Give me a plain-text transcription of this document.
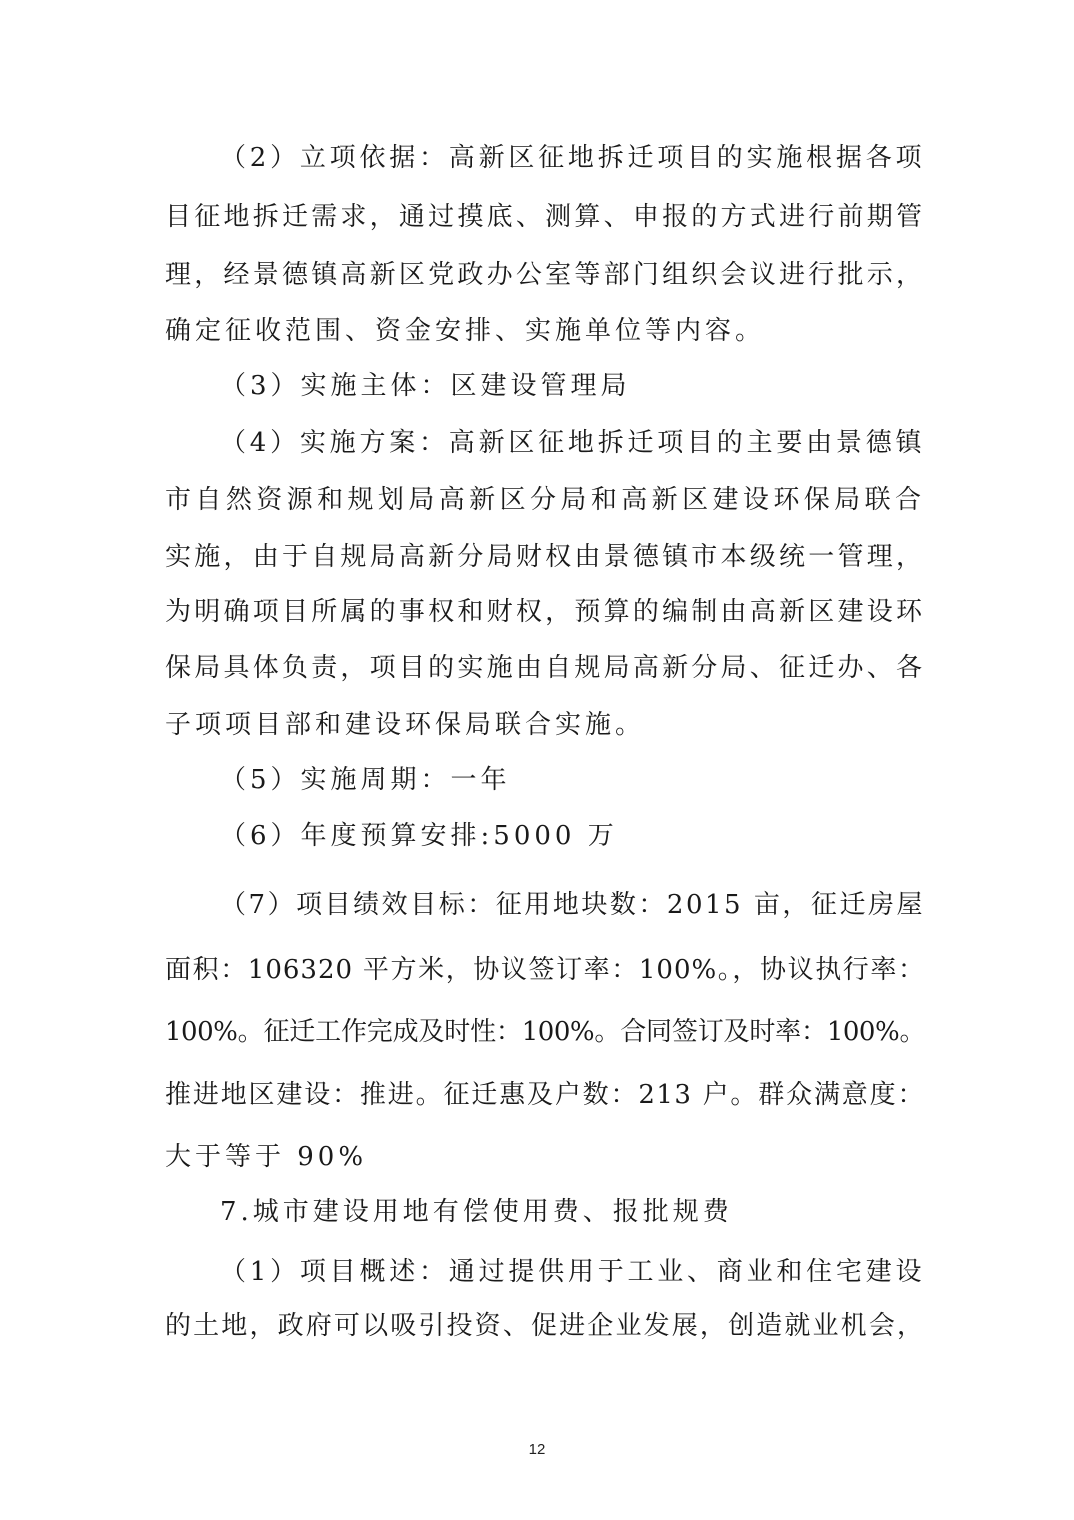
（2）立项依据：高新区征地拆迁项目的实施根据各项
目征地拆迁需求，通过摸底、测算、申报的方式进行前期管
理，经景德镇高新区党政办公室等部门组织会议进行批示，
确定征收范围、资金安排、实施单位等内容。
（3）实施主体：区建设管理局
（4）实施方案：高新区征地拆迁项目的主要由景德镇
市自然资源和规划局高新区分局和高新区建设环保局联合
实施，由于自规局高新分局财权由景德镇市本级统一管理，
为明确项目所属的事权和财权，预算的编制由高新区建设环
保局具体负责，项目的实施由自规局高新分局、征迁办、各
子项项目部和建设环保局联合实施。
（5）实施周期：一年
（6）年度预算安排:5000 万
（7）项目绩效目标：征用地块数：2015 亩，征迁房屋
面积：106320 平方米，协议签订率：100%。，协议执行率：
100%。征迁工作完成及时性：100%。合同签订及时率：100%。
推进地区建设：推进。征迁惠及户数：213 户。群众满意度：
大于等于 90%
7.城市建设用地有偿使用费、报批规费
（1）项目概述：通过提供用于工业、商业和住宅建设
的土地，政府可以吸引投资、促进企业发展，创造就业机会，
12
